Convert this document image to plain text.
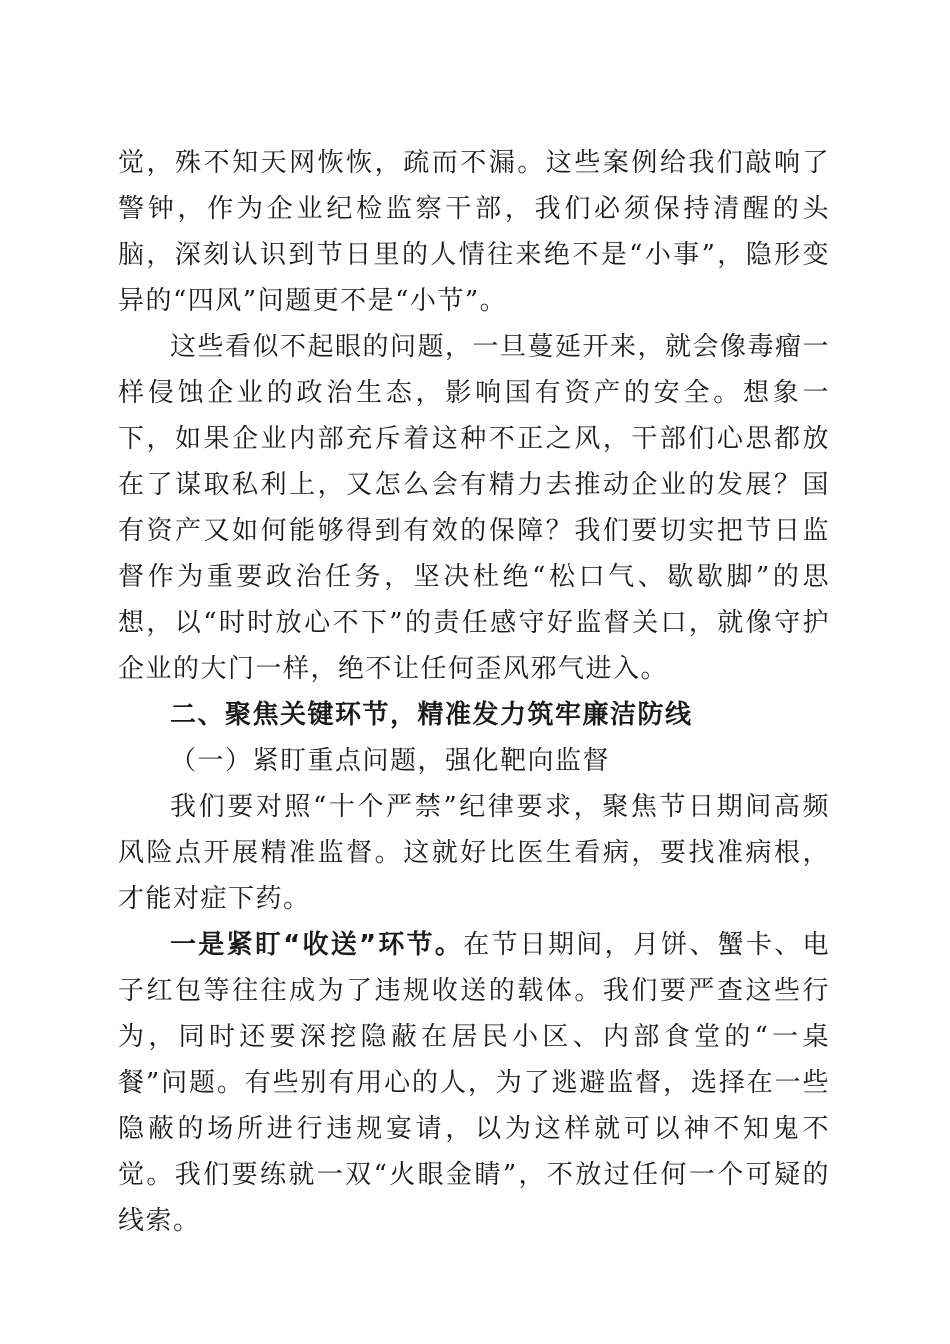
觉，殊不知天网恢恢，疏而不漏。这些案例给我们敲响了警钟，作为企业纪检监察干部，我们必须保持清醒的头脑，深刻认识到节日里的人情往来绝不是“小事”，隐形变异的“四风”问题更不是“小节”。

这些看似不起眼的问题，一旦蔓延开来，就会像毒瘤一样侵蚀企业的政治生态，影响国有资产的安全。想象一下，如果企业内部充斥着这种不正之风，干部们心思都放在了谋取私利上，又怎么会有精力去推动企业的发展？国有资产又如何能够得到有效的保障？我们要切实把节日监督作为重要政治任务，坚决杜绝“松口气、歇歇脚”的思想，以“时时放心不下”的责任感守好监督关口，就像守护企业的大门一样，绝不让任何歪风邪气进入。

二、聚焦关键环节，精准发力筑牢廉洁防线

（一）紧盯重点问题，强化靶向监督

我们要对照“十个严禁”纪律要求，聚焦节日期间高频风险点开展精准监督。这就好比医生看病，要找准病根，才能对症下药。

一是紧盯“收送”环节。在节日期间，月饼、蟹卡、电子红包等往往成为了违规收送的载体。我们要严查这些行为，同时还要深挖隐蔽在居民小区、内部食堂的“一桌餐”问题。有些别有用心的人，为了逃避监督，选择在一些隐蔽的场所进行违规宴请，以为这样就可以神不知鬼不觉。我们要练就一双“火眼金睛”，不放过任何一个可疑的线索。
